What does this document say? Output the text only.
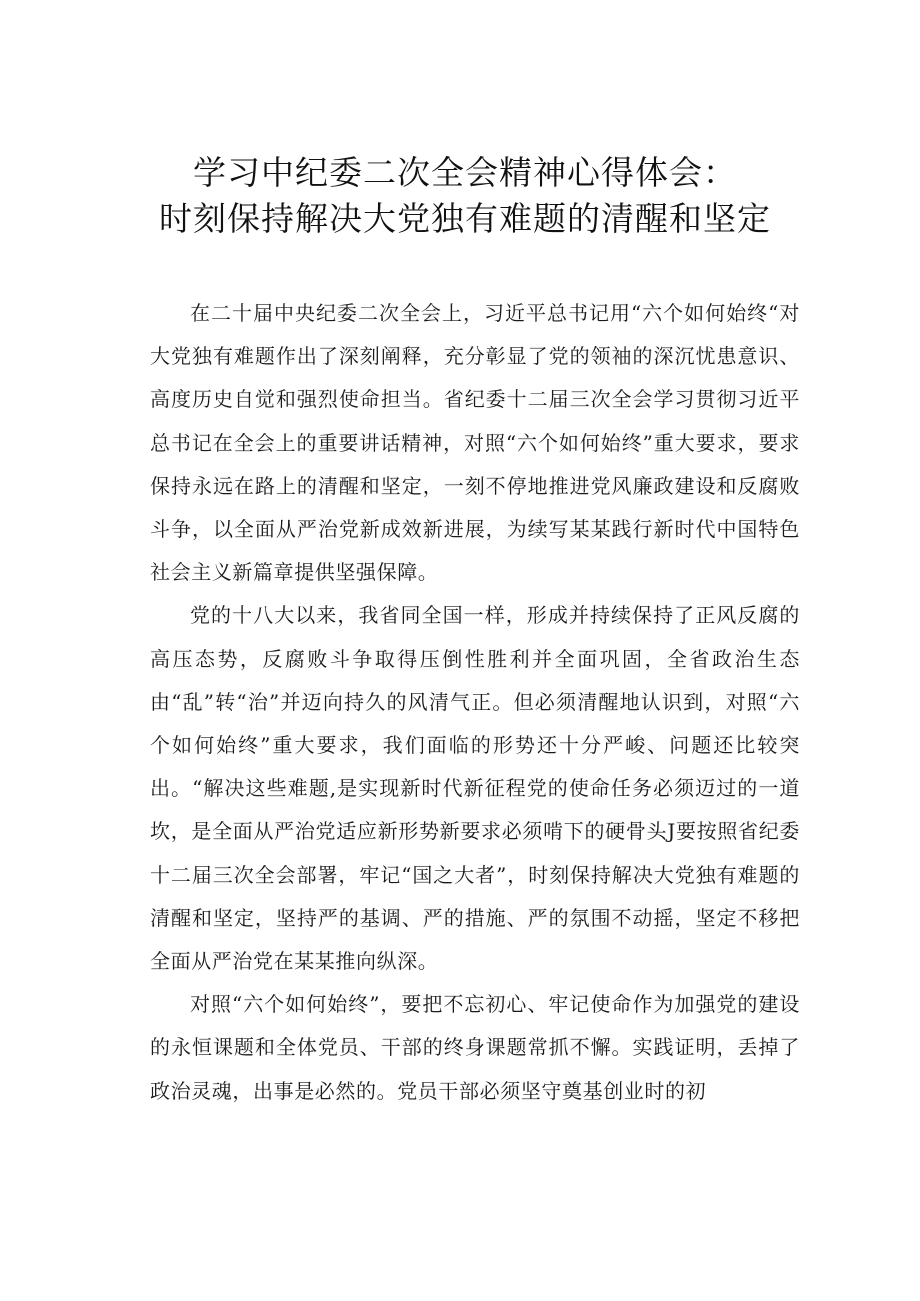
学习中纪委二次全会精神心得体会：
时刻保持解决大党独有难题的清醒和坚定

在二十届中央纪委二次全会上，习近平总书记用“六个如何始终“对大党独有难题作出了深刻阐释，充分彰显了党的领袖的深沉忧患意识、高度历史自觉和强烈使命担当。省纪委十二届三次全会学习贯彻习近平总书记在全会上的重要讲话精神，对照“六个如何始终”重大要求，要求保持永远在路上的清醒和坚定，一刻不停地推进党风廉政建设和反腐败斗争，以全面从严治党新成效新进展，为续写某某践行新时代中国特色社会主义新篇章提供坚强保障。

党的十八大以来，我省同全国一样，形成并持续保持了正风反腐的高压态势，反腐败斗争取得压倒性胜利并全面巩固，全省政治生态由“乱”转“治”并迈向持久的风清气正。但必须清醒地认识到，对照“六个如何始终”重大要求，我们面临的形势还十分严峻、问题还比较突出。“解决这些难题,是实现新时代新征程党的使命任务必须迈过的一道坎，是全面从严治党适应新形势新要求必须啃下的硬骨头J要按照省纪委十二届三次全会部署，牢记“国之大者”，时刻保持解决大党独有难题的清醒和坚定，坚持严的基调、严的措施、严的氛围不动摇，坚定不移把全面从严治党在某某推向纵深。

对照“六个如何始终”，要把不忘初心、牢记使命作为加强党的建设的永恒课题和全体党员、干部的终身课题常抓不懈。实践证明，丢掉了政治灵魂，出事是必然的。党员干部必须坚守奠基创业时的初
